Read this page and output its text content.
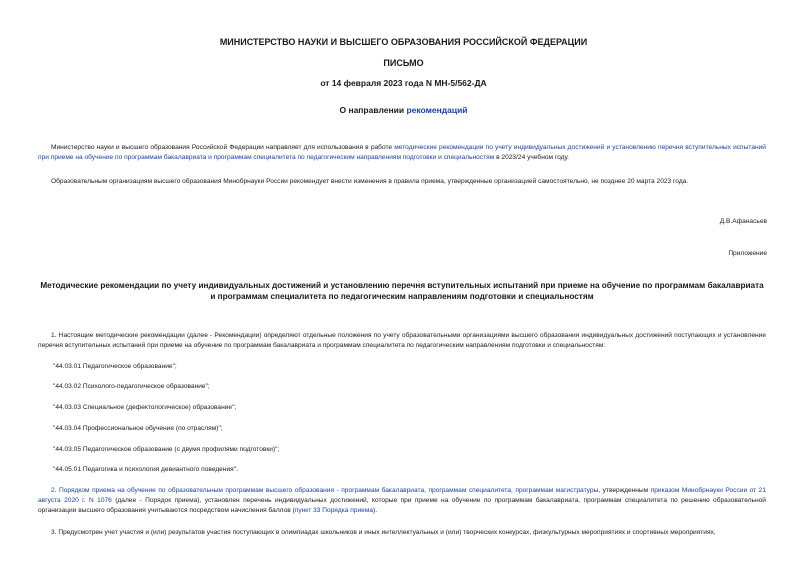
МИНИСТЕРСТВО НАУКИ И ВЫСШЕГО ОБРАЗОВАНИЯ РОССИЙСКОЙ ФЕДЕРАЦИИ
ПИСЬМО
от 14 февраля 2023 года N МН-5/562-ДА
О направлении рекомендаций
Министерство науки и высшего образования Российской Федерации направляет для использования в работе методические рекомендации по учету индивидуальных достижений и установлению перечня вступительных испытаний при приеме на обучение по программам бакалавриата и программам специалитета по педагогическим направлениям подготовки и специальностям в 2023/24 учебном году.
Образовательным организациям высшего образования Минобрнауки России рекомендует внести изменения в правила приема, утвержденные организацией самостоятельно, не позднее 20 марта 2023 года.
Д.В.Афанасьев
Приложение
Методические рекомендации по учету индивидуальных достижений и установлению перечня вступительных испытаний при приеме на обучение по программам бакалавриата и программам специалитета по педагогическим направлениям подготовки и специальностям
1. Настоящие методические рекомендации (далее - Рекомендации) определяют отдельные положения по учету образовательными организациями высшего образования индивидуальных достижений поступающих и установление перечня вступительных испытаний при приеме на обучение по программам бакалавриата и программам специалитета по педагогическим направлениям подготовки и специальностям:
"44.03.01 Педагогическое образование";
"44.03.02 Психолого-педагогическое образование";
"44.03.03 Специальное (дефектологическое) образование";
"44.03.04 Профессиональное обучение (по отраслям)";
"44.03.05 Педагогическое образование (с двумя профилями подготовки)";
"44.05.01 Педагогика и психология девиантного поведения".
2. Порядком приема на обучение по образовательным программам высшего образования - программам бакалавриата, программам специалитета, программам магистратуры, утвержденным приказом Минобрнауки России от 21 августа 2020 г. N 1076 (далее - Порядок приема), установлен перечень индивидуальных достижений, которые при приеме на обучение по программам бакалавриата, программам специалитета по решению образовательной организации высшего образования учитываются посредством начисления баллов (пункт 33 Порядка приема).
3. Предусмотрен учет участия и (или) результатов участия поступающих в олимпиадах школьников и иных интеллектуальных и (или) творческих конкурсах, физкультурных мероприятиях и спортивных мероприятиях,
